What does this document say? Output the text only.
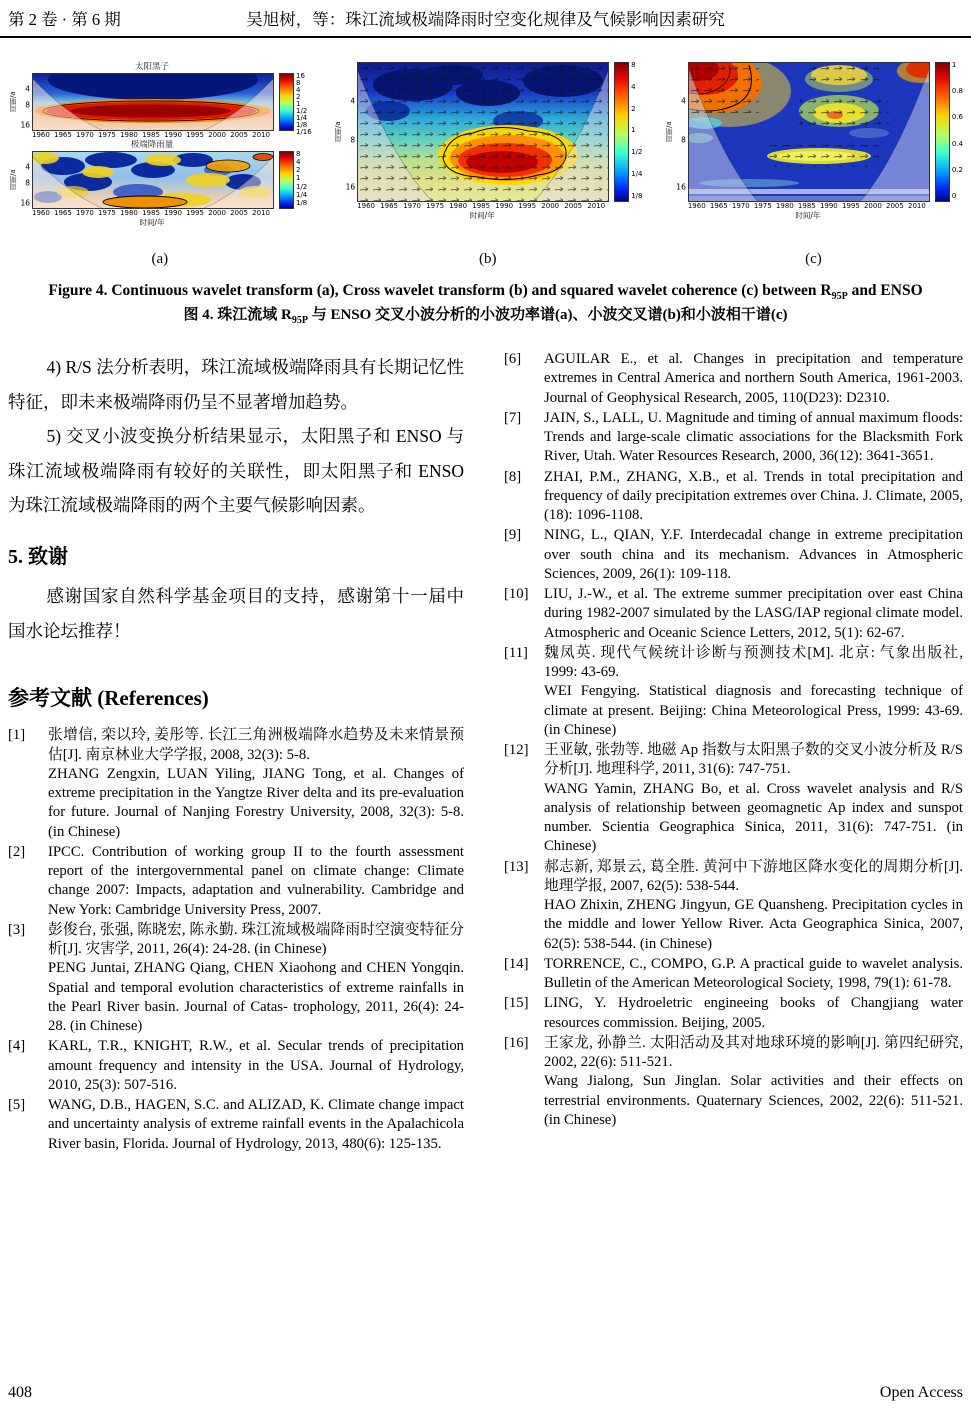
第 2 卷 · 第 6 期	吴旭树，等：珠江流域极端降雨时空变化规律及气候影响因素研究
太阳黑子
周期/a
4
8
16
16
8
4
2
1
1/2
1/4
1/8
1/16
1960 1965 1970 1975 1980 1985 1990 1995 2000 2005 2010
极端降雨量
周期/a
4
8
16
8
4
2
1
1/2
1/4
1/8
1960 1965 1970 1975 1980 1985 1990 1995 2000 2005 2010
时间/年
(a)
周期/a
4
8
16
8
4
2
1
1/2
1/4
1/8
1960 1965 1970 1975 1980 1985 1990 1995 2000 2005 2010
时间/年
(b)
周期/a
4
8
16
1
0.8
0.6
0.4
0.2
0
1960 1965 1970 1975 1980 1985 1990 1995 2000 2005 2010
时间/年
(c)
Figure 4. Continuous wavelet transform (a), Cross wavelet transform (b) and squared wavelet coherence (c) between $R_{95P}$ and ENSO
图 4. 珠江流域 $R_{95P}$ 与 ENSO 交叉小波分析的小波功率谱(a)、小波交叉谱(b)和小波相干谱(c)

4) R/S 法分析表明，珠江流域极端降雨具有长期记忆性特征，即未来极端降雨仍呈不显著增加趋势。

5) 交叉小波变换分析结果显示，太阳黑子和 ENSO 与珠江流域极端降雨有较好的关联性，即太阳黑子和 ENSO 为珠江流域极端降雨的两个主要气候影响因素。

5. 致谢

感谢国家自然科学基金项目的支持，感谢第十一届中国水论坛推荐！

参考文献 (References)
[1]	张增信, 栾以玲, 姜彤等. 长江三角洲极端降水趋势及未来情景预估[J]. 南京林业大学学报, 2008, 32(3): 5-8.
ZHANG Zengxin, LUAN Yiling, JIANG Tong, et al. Changes of extreme precipitation in the Yangtze River delta and its pre-evaluation for future. Journal of Nanjing Forestry University, 2008, 32(3): 5-8. (in Chinese)
[2]	IPCC. Contribution of working group II to the fourth assessment report of the intergovernmental panel on climate change: Climate change 2007: Impacts, adaptation and vulnerability. Cambridge and New York: Cambridge University Press, 2007.
[3]	彭俊台, 张强, 陈晓宏, 陈永勤. 珠江流域极端降雨时空演变特征分析[J]. 灾害学, 2011, 26(4): 24-28. (in Chinese)
PENG Juntai, ZHANG Qiang, CHEN Xiaohong and CHEN Yongqin. Spatial and temporal evolution characteristics of extreme rainfalls in the Pearl River basin. Journal of Catas- trophology, 2011, 26(4): 24-28. (in Chinese)
[4]	KARL, T.R., KNIGHT, R.W., et al. Secular trends of precipitation amount frequency and intensity in the USA. Journal of Hydrology, 2010, 25(3): 507-516.
[5]	WANG, D.B., HAGEN, S.C. and ALIZAD, K. Climate change impact and uncertainty analysis of extreme rainfall events in the Apalachicola River basin, Florida. Journal of Hydrology, 2013, 480(6): 125-135.
[6]	AGUILAR E., et al. Changes in precipitation and temperature extremes in Central America and northern South America, 1961-2003. Journal of Geophysical Research, 2005, 110(D23): D2310.
[7]	JAIN, S., LALL, U. Magnitude and timing of annual maximum floods: Trends and large-scale climatic associations for the Blacksmith Fork River, Utah. Water Resources Research, 2000, 36(12): 3641-3651.
[8]	ZHAI, P.M., ZHANG, X.B., et al. Trends in total precipitation and frequency of daily precipitation extremes over China. J. Climate, 2005, (18): 1096-1108.
[9]	NING, L., QIAN, Y.F. Interdecadal change in extreme precipitation over south china and its mechanism. Advances in Atmospheric Sciences, 2009, 26(1): 109-118.
[10]	LIU, J.-W., et al. The extreme summer precipitation over east China during 1982-2007 simulated by the LASG/IAP regional climate model. Atmospheric and Oceanic Science Letters, 2012, 5(1): 62-67.
[11]	魏凤英. 现代气候统计诊断与预测技术[M]. 北京: 气象出版社, 1999: 43-69.
WEI Fengying. Statistical diagnosis and forecasting technique of climate at present. Beijing: China Meteorological Press, 1999: 43-69. (in Chinese)
[12]	王亚敏, 张勃等. 地磁 Ap 指数与太阳黑子数的交叉小波分析及 R/S 分析[J]. 地理科学, 2011, 31(6): 747-751.
WANG Yamin, ZHANG Bo, et al. Cross wavelet analysis and R/S analysis of relationship between geomagnetic Ap index and sunspot number. Scientia Geographica Sinica, 2011, 31(6): 747-751. (in Chinese)
[13]	郝志新, 郑景云, 葛全胜. 黄河中下游地区降水变化的周期分析[J]. 地理学报, 2007, 62(5): 538-544.
HAO Zhixin, ZHENG Jingyun, GE Quansheng. Precipitation cycles in the middle and lower Yellow River. Acta Geographica Sinica, 2007, 62(5): 538-544. (in Chinese)
[14]	TORRENCE, C., COMPO, G.P. A practical guide to wavelet analysis. Bulletin of the American Meteorological Society, 1998, 79(1): 61-78.
[15]	LING, Y. Hydroeletric engineeing books of Changjiang water resources commission. Beijing, 2005.
[16]	王家龙, 孙静兰. 太阳活动及其对地球环境的影响[J]. 第四纪研究, 2002, 22(6): 511-521.
Wang Jialong, Sun Jinglan. Solar activities and their effects on terrestrial environments. Quaternary Sciences, 2002, 22(6): 511-521. (in Chinese)
408	Open Access
